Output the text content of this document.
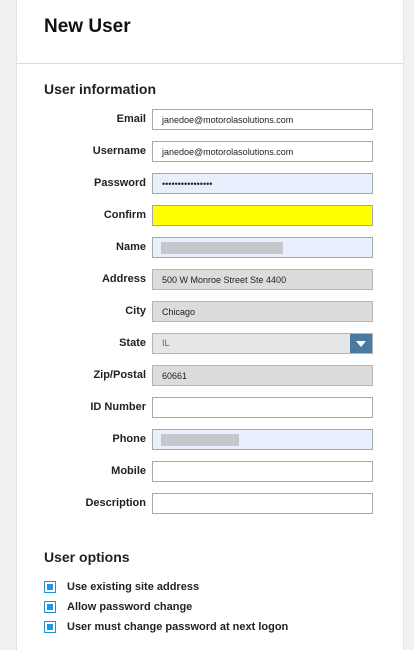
New User
User information
Email
janedoe@motorolasolutions.com
Username
janedoe@motorolasolutions.com
Password
••••••••••••••••
Confirm
Name
Address
500 W Monroe Street Ste 4400
City
Chicago
State	IL
Zip/Postal
60661
ID Number
Phone
Mobile
Description
User options
Use existing site address
Allow password change
User must change password at next logon
